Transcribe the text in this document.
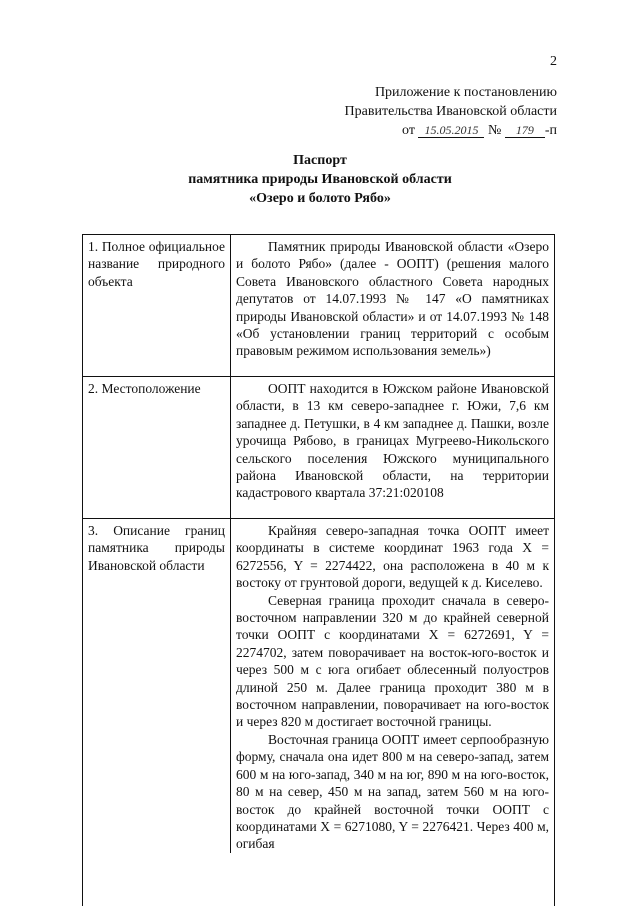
2
Приложение к постановлению
Правительства Ивановской области
от 15.05.2015 № 179 -п
Паспорт
памятника природы Ивановской области
«Озеро и болото Рябо»
1. Полное официальное название природного объекта

Памятник природы Ивановской области «Озеро и болото Рябо» (далее - ООПТ) (решения малого Совета Ивановского областного Совета народных депутатов от 14.07.1993 № 147 «О памятниках природы Ивановской области» и от 14.07.1993 № 148 «Об установлении границ территорий с особым правовым режимом использования земель»)

2. Местоположение	ООПТ находится в Южском районе Ивановской области, в 13 км северо-западнее г. Южи, 7,6 км западнее д. Петушки, в 4 км западнее д. Пашки, возле урочища Рябово, в границах Мугреево-Никольского сельского поселения Южского муниципального района Ивановской области, на территории кадастрового квартала 37:21:020108

3. Описание границ памятника природы Ивановской области

Крайняя северо-западная точка ООПТ имеет координаты в системе координат 1963 года X = 6272556, Y = 2274422, она расположена в 40 м к востоку от грунтовой дороги, ведущей к д. Киселево.

Северная граница проходит сначала в северо-восточном направлении 320 м до крайней северной точки ООПТ с координатами X = 6272691, Y = 2274702, затем поворачивает на восток-юго-восток и через 500 м с юга огибает облесенный полуостров длиной 250 м. Далее граница проходит 380 м в восточном направлении, поворачивает на юго-восток и через 820 м достигает восточной границы.

Восточная граница ООПТ имеет серпообразную форму, сначала она идет 800 м на северо-запад, затем 600 м на юго-запад, 340 м на юг, 890 м на юго-восток, 80 м на север, 450 м на запад, затем 560 м на юго-восток до крайней восточной точки ООПТ с координатами X = 6271080, Y = 2276421. Через 400 м, огибая
